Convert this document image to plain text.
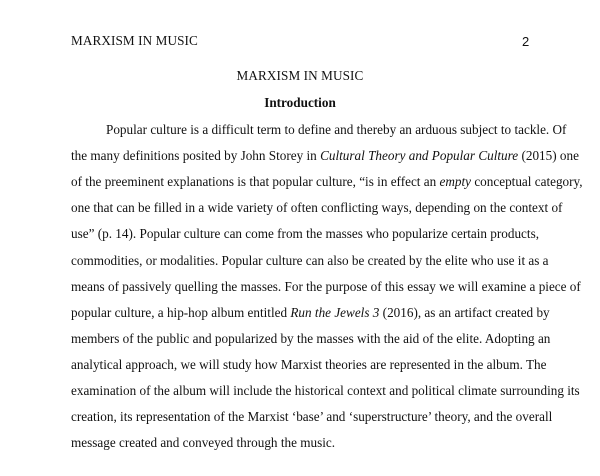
MARXISM IN MUSIC	2
MARXISM IN MUSIC
Introduction
Popular culture is a difficult term to define and thereby an arduous subject to tackle. Of
the many definitions posited by John Storey in Cultural Theory and Popular Culture (2015) one
of the preeminent explanations is that popular culture, “is in effect an empty conceptual category,
one that can be filled in a wide variety of often conflicting ways, depending on the context of
use” (p. 14). Popular culture can come from the masses who popularize certain products,
commodities, or modalities. Popular culture can also be created by the elite who use it as a
means of passively quelling the masses. For the purpose of this essay we will examine a piece of
popular culture, a hip-hop album entitled Run the Jewels 3 (2016), as an artifact created by
members of the public and popularized by the masses with the aid of the elite. Adopting an
analytical approach, we will study how Marxist theories are represented in the album. The
examination of the album will include the historical context and political climate surrounding its
creation, its representation of the Marxist ‘base’ and ‘superstructure’ theory, and the overall
message created and conveyed through the music.
